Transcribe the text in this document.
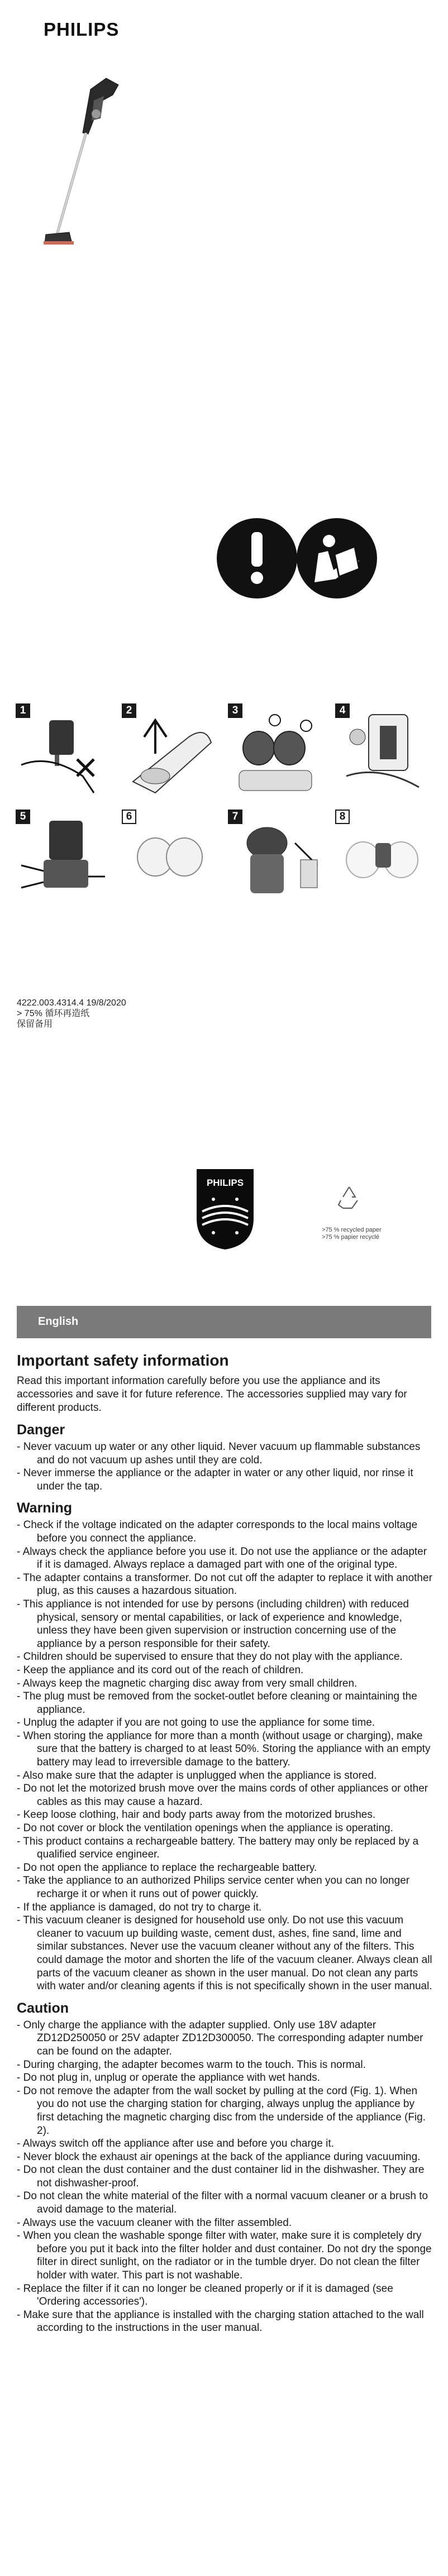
PHILIPS
1	2	3	4
5	6	7	8
4222.003.4314.4 19/8/2020
> 75% 循环再造纸
保留备用
PHILIPS
>75 % recycled paper
>75 % papier recyclé
English
Important safety information

Read this important information carefully before you use the appliance and its accessories and save it for future reference. The accessories supplied may vary for different products.

Danger
- Never vacuum up water or any other liquid. Never vacuum up flammable substances and do not vacuum up ashes until they are cold.
- Never immerse the appliance or the adapter in water or any other liquid, nor rinse it under the tap.
Warning
- Check if the voltage indicated on the adapter corresponds to the local mains voltage before you connect the appliance.
- Always check the appliance before you use it. Do not use the appliance or the adapter if it is damaged. Always replace a damaged part with one of the original type.
- The adapter contains a transformer. Do not cut off the adapter to replace it with another plug, as this causes a hazardous situation.
- This appliance is not intended for use by persons (including children) with reduced physical, sensory or mental capabilities, or lack of experience and knowledge, unless they have been given supervision or instruction concerning use of the appliance by a person responsible for their safety.
- Children should be supervised to ensure that they do not play with the appliance.
- Keep the appliance and its cord out of the reach of children.
- Always keep the magnetic charging disc away from very small children.
- The plug must be removed from the socket-outlet before cleaning or maintaining the appliance.
- Unplug the adapter if you are not going to use the appliance for some time.
- When storing the appliance for more than a month (without usage or charging), make sure that the battery is charged to at least 50%. Storing the appliance with an empty battery may lead to irreversible damage to the battery.
- Also make sure that the adapter is unplugged when the appliance is stored.
- Do not let the motorized brush move over the mains cords of other appliances or other cables as this may cause a hazard.
- Keep loose clothing, hair and body parts away from the motorized brushes.
- Do not cover or block the ventilation openings when the appliance is operating.
- This product contains a rechargeable battery. The battery may only be replaced by a qualified service engineer.
- Do not open the appliance to replace the rechargeable battery.
- Take the appliance to an authorized Philips service center when you can no longer recharge it or when it runs out of power quickly.
- If the appliance is damaged, do not try to charge it.
- This vacuum cleaner is designed for household use only. Do not use this vacuum cleaner to vacuum up building waste, cement dust, ashes, fine sand, lime and similar substances. Never use the vacuum cleaner without any of the filters. This could damage the motor and shorten the life of the vacuum cleaner. Always clean all parts of the vacuum cleaner as shown in the user manual. Do not clean any parts with water and/or cleaning agents if this is not specifically shown in the user manual.
Caution
- Only charge the appliance with the adapter supplied. Only use 18V adapter ZD12D250050 or 25V adapter ZD12D300050. The corresponding adapter number can be found on the adapter.
- During charging, the adapter becomes warm to the touch. This is normal.
- Do not plug in, unplug or operate the appliance with wet hands.
- Do not remove the adapter from the wall socket by pulling at the cord (Fig. 1). When you do not use the charging station for charging, always unplug the appliance by first detaching the magnetic charging disc from the underside of the appliance (Fig. 2).
- Always switch off the appliance after use and before you charge it.
- Never block the exhaust air openings at the back of the appliance during vacuuming.
- Do not clean the dust container and the dust container lid in the dishwasher. They are not dishwasher-proof.
- Do not clean the white material of the filter with a normal vacuum cleaner or a brush to avoid damage to the material.
- Always use the vacuum cleaner with the filter assembled.
- When you clean the washable sponge filter with water, make sure it is completely dry before you put it back into the filter holder and dust container. Do not dry the sponge filter in direct sunlight, on the radiator or in the tumble dryer. Do not clean the filter holder with water. This part is not washable.
- Replace the filter if it can no longer be cleaned properly or if it is damaged (see 'Ordering accessories').
- Make sure that the appliance is installed with the charging station attached to the wall according to the instructions in the user manual.
